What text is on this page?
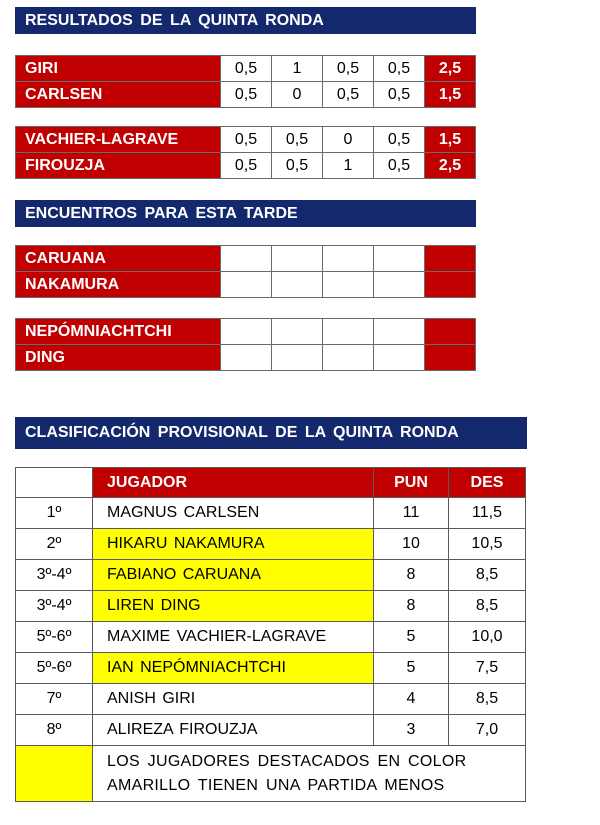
RESULTADOS DE LA QUINTA RONDA
GIRI	0,5	1	0,5	0,5	2,5
CARLSEN	0,5	0	0,5	0,5	1,5
VACHIER-LAGRAVE	0,5	0,5	0	0,5	1,5
FIROUZJA	0,5	0,5	1	0,5	2,5
ENCUENTROS PARA ESTA TARDE
CARUANA					
NAKAMURA					
NEPÓMNIACHTCHI					
DING					
CLASIFICACIÓN PROVISIONAL DE LA QUINTA RONDA
	JUGADOR	PUN	DES
1º	MAGNUS CARLSEN	11	11,5
2º	HIKARU NAKAMURA	10	10,5
3º-4º	FABIANO CARUANA	8	8,5
3º-4º	LIREN DING	8	8,5
5º-6º	MAXIME VACHIER-LAGRAVE	5	10,0
5º-6º	IAN NEPÓMNIACHTCHI	5	7,5
7º	ANISH GIRI	4	8,5
8º	ALIREZA FIROUZJA	3	7,0

	LOS JUGADORES DESTACADOS EN COLOR
AMARILLO TIENEN UNA PARTIDA MENOS		
